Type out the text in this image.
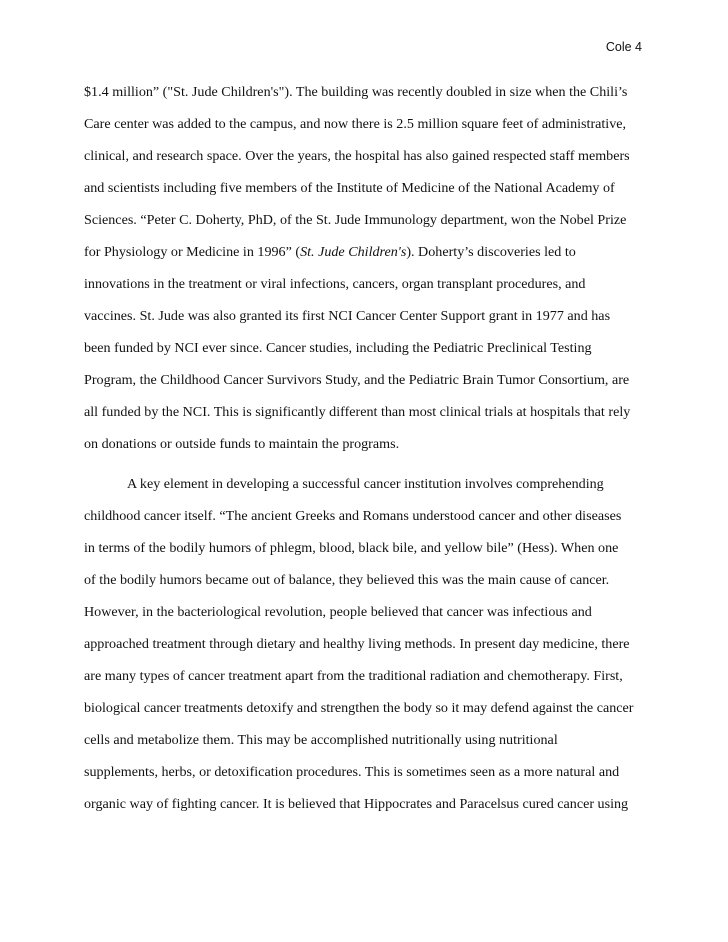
Cole 4
$1.4 million” ("St. Jude Children's"). The building was recently doubled in size when the Chili’s
Care center was added to the campus, and now there is 2.5 million square feet of administrative,
clinical, and research space. Over the years, the hospital has also gained respected staff members
and scientists including five members of the Institute of Medicine of the National Academy of
Sciences. “Peter C. Doherty, PhD, of the St. Jude Immunology department, won the Nobel Prize
for Physiology or Medicine in 1996” (St. Jude Children's). Doherty’s discoveries led to
innovations in the treatment or viral infections, cancers, organ transplant procedures, and
vaccines. St. Jude was also granted its first NCI Cancer Center Support grant in 1977 and has
been funded by NCI ever since. Cancer studies, including the Pediatric Preclinical Testing
Program, the Childhood Cancer Survivors Study, and the Pediatric Brain Tumor Consortium, are
all funded by the NCI. This is significantly different than most clinical trials at hospitals that rely
on donations or outside funds to maintain the programs.
A key element in developing a successful cancer institution involves comprehending
childhood cancer itself. “The ancient Greeks and Romans understood cancer and other diseases
in terms of the bodily humors of phlegm, blood, black bile, and yellow bile” (Hess). When one
of the bodily humors became out of balance, they believed this was the main cause of cancer.
However, in the bacteriological revolution, people believed that cancer was infectious and
approached treatment through dietary and healthy living methods. In present day medicine, there
are many types of cancer treatment apart from the traditional radiation and chemotherapy. First,
biological cancer treatments detoxify and strengthen the body so it may defend against the cancer
cells and metabolize them. This may be accomplished nutritionally using nutritional
supplements, herbs, or detoxification procedures. This is sometimes seen as a more natural and
organic way of fighting cancer. It is believed that Hippocrates and Paracelsus cured cancer using
